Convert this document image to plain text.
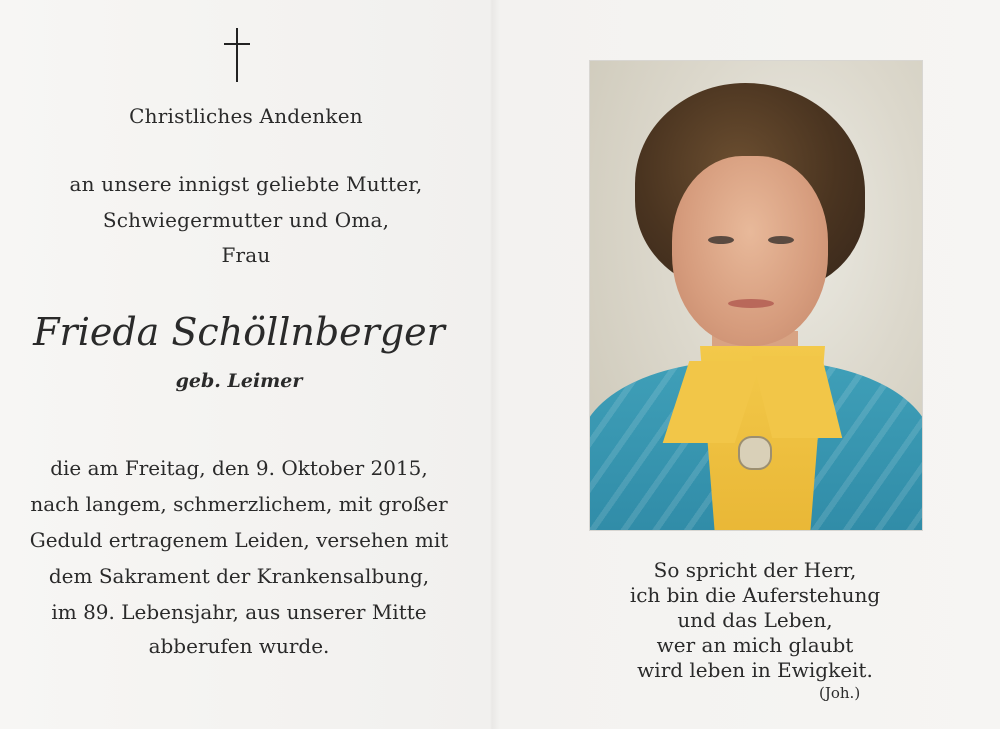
Christliches Andenken
an unsere innigst geliebte Mutter,
Schwiegermutter und Oma,
Frau
Frieda Schöllnberger
geb. Leimer
die am Freitag, den 9. Oktober 2015,
nach langem, schmerzlichem, mit großer
Geduld ertragenem Leiden, versehen mit
dem Sakrament der Krankensalbung,
im 89. Lebensjahr, aus unserer Mitte
abberufen wurde.
So spricht der Herr,
ich bin die Auferstehung
und das Leben,
wer an mich glaubt
wird leben in Ewigkeit.
(Joh.)
